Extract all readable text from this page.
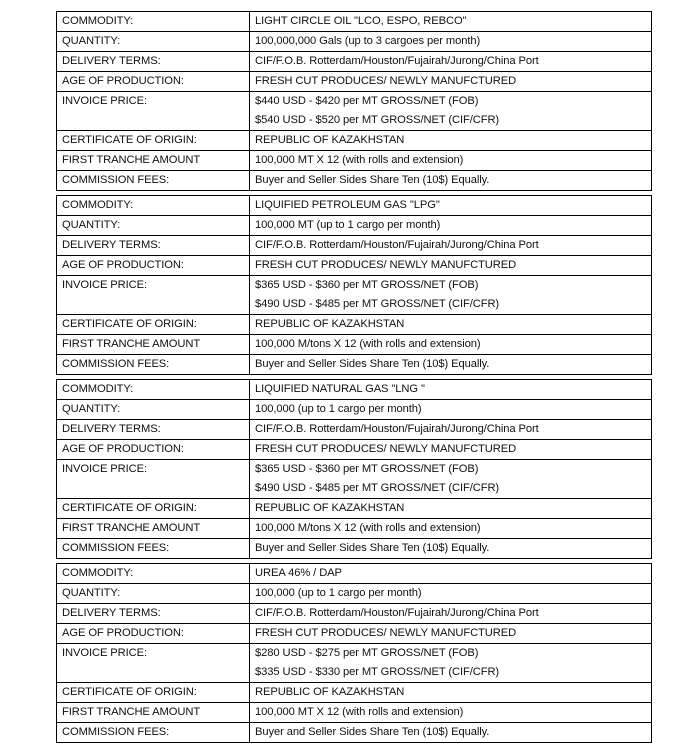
COMMODITY:	LIGHT CIRCLE OIL "LCO, ESPO, REBCO"
QUANTITY:	100,000,000 Gals (up to 3 cargoes per month)
DELIVERY TERMS:	CIF/F.O.B. Rotterdam/Houston/Fujairah/Jurong/China Port
AGE OF PRODUCTION:	FRESH CUT PRODUCES/ NEWLY MANUFCTURED
INVOICE PRICE:	$440 USD - $420 per MT GROSS/NET (FOB)
$540 USD - $520 per MT GROSS/NET (CIF/CFR)

CERTIFICATE OF ORIGIN:	REPUBLIC OF KAZAKHSTAN
FIRST TRANCHE AMOUNT	100,000 MT X 12 (with rolls and extension)
COMMISSION FEES:	Buyer and Seller Sides Share Ten (10$) Equally.
COMMODITY:	LIQUIFIED PETROLEUM GAS "LPG"
QUANTITY:	100,000 MT (up to 1 cargo per month)
DELIVERY TERMS:	CIF/F.O.B. Rotterdam/Houston/Fujairah/Jurong/China Port
AGE OF PRODUCTION:	FRESH CUT PRODUCES/ NEWLY MANUFCTURED
INVOICE PRICE:	$365 USD - $360 per MT GROSS/NET (FOB)
$490 USD - $485 per MT GROSS/NET (CIF/CFR)

CERTIFICATE OF ORIGIN:	REPUBLIC OF KAZAKHSTAN
FIRST TRANCHE AMOUNT	100,000 M/tons X 12 (with rolls and extension)
COMMISSION FEES:	Buyer and Seller Sides Share Ten (10$) Equally.
COMMODITY:	LIQUIFIED NATURAL GAS "LNG "
QUANTITY:	100,000 (up to 1 cargo per month)
DELIVERY TERMS:	CIF/F.O.B. Rotterdam/Houston/Fujairah/Jurong/China Port
AGE OF PRODUCTION:	FRESH CUT PRODUCES/ NEWLY MANUFCTURED
INVOICE PRICE:	$365 USD - $360 per MT GROSS/NET (FOB)
$490 USD - $485 per MT GROSS/NET (CIF/CFR)

CERTIFICATE OF ORIGIN:	REPUBLIC OF KAZAKHSTAN
FIRST TRANCHE AMOUNT	100,000 M/tons X 12 (with rolls and extension)
COMMISSION FEES:	Buyer and Seller Sides Share Ten (10$) Equally.
COMMODITY:	UREA 46% / DAP
QUANTITY:	100,000 (up to 1 cargo per month)
DELIVERY TERMS:	CIF/F.O.B. Rotterdam/Houston/Fujairah/Jurong/China Port
AGE OF PRODUCTION:	FRESH CUT PRODUCES/ NEWLY MANUFCTURED
INVOICE PRICE:	$280 USD - $275 per MT GROSS/NET (FOB)
$335 USD - $330 per MT GROSS/NET (CIF/CFR)

CERTIFICATE OF ORIGIN:	REPUBLIC OF KAZAKHSTAN
FIRST TRANCHE AMOUNT	100,000 MT X 12 (with rolls and extension)
COMMISSION FEES:	Buyer and Seller Sides Share Ten (10$) Equally.
